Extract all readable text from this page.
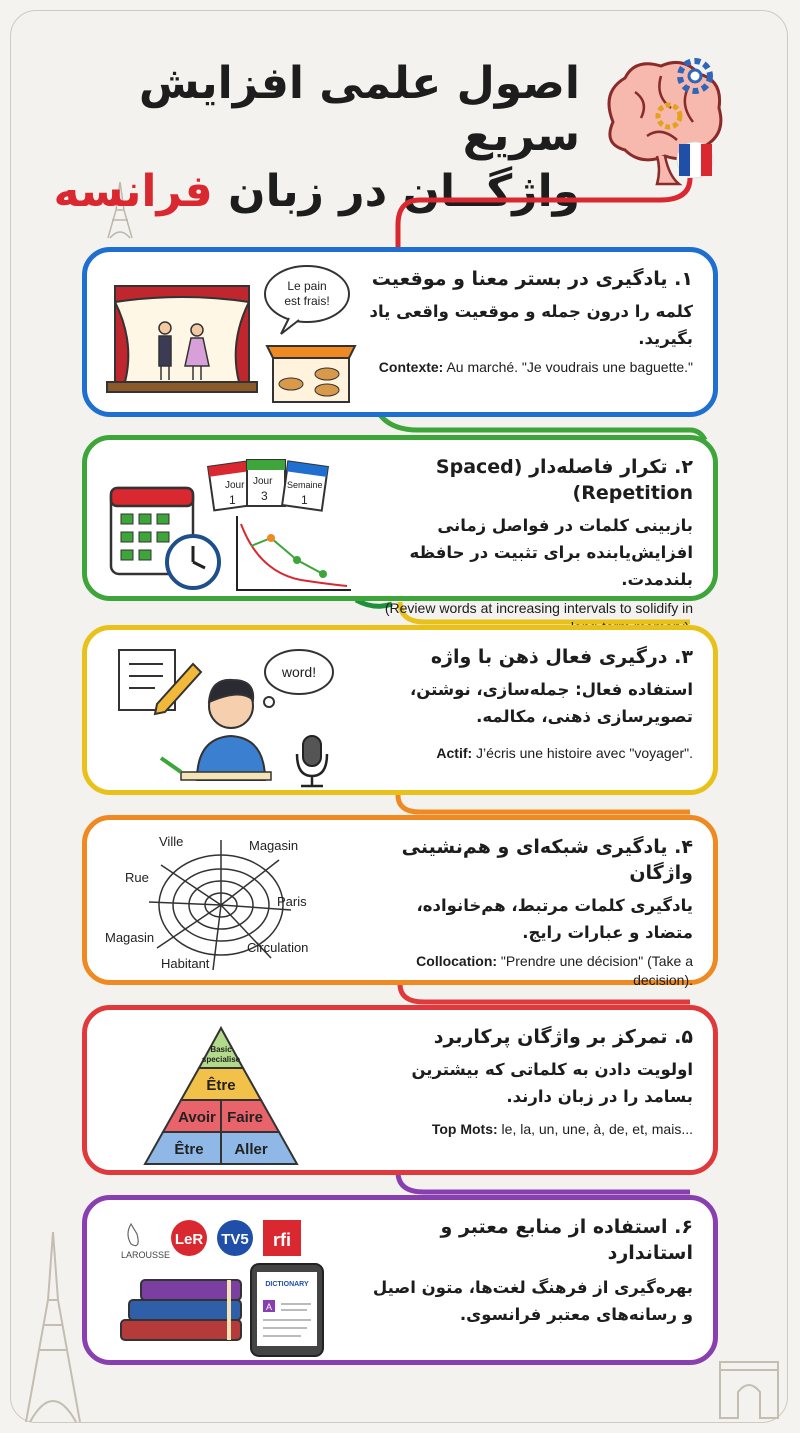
اصول علمی افزایش سریع
واژگــان در زبان فرانسه
۱. یادگیری در بستر معنا و موقعیت
کلمه را درون جمله و موقعیت واقعی یاد بگیرید.
Contexte: Au marché. "Je voudrais une baguette."
Le pain
est frais!
۲. تکرار فاصله‌دار (Spaced Repetition)
بازبینی کلمات در فواصل زمانی افزایش‌یابنده برای تثبیت در حافظه بلندمدت.
(Review words at increasing intervals to solidify in
Jour
1
Jour
3
Semaine
1
۳. درگیری فعال ذهن با واژه
استفاده فعال: جمله‌سازی، نوشتن، تصویرسازی ذهنی، مکالمه.
Actif: J’écris une histoire avec "voyager".
word!
۴. یادگیری شبکه‌ای و هم‌نشینی واژگان
یادگیری کلمات مرتبط، هم‌خانواده، متضاد و عبارات رایج.
Collocation: "Prendre une décision" (Take a decision).
Ville	Magasin
Rue
Paris
Magasin
Circulation
Habitant
۵. تمرکز بر واژگان پرکاربرد
اولویت دادن به کلماتی که بیشترین بسامد را در زبان دارند.
Top Mots: le, la, un, une, à, de, et, mais...
Basic
specialise
Être
Avoir Faire
Être Aller
۶. استفاده از منابع معتبر و استاندارد
بهره‌گیری از فرهنگ لغت‌ها، متون اصیل و رسانه‌های معتبر فرانسوی.
LAROUSSE
LeR TV5 rfi
DICTIONARY
A
